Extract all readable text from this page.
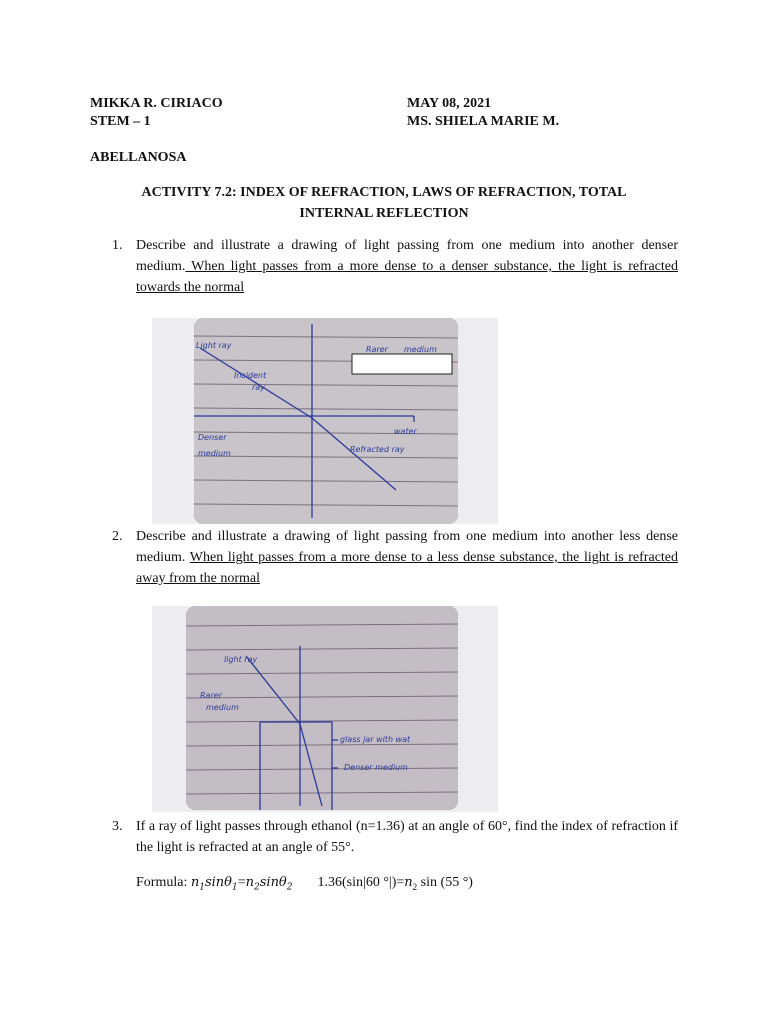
MIKKA R. CIRIACO
STEM – 1
MAY 08, 2021
MS. SHIELA MARIE M.
ABELLANOSA
ACTIVITY 7.2: INDEX OF REFRACTION, LAWS OF REFRACTION, TOTAL
INTERNAL REFLECTION
1. Describe and illustrate a drawing of light passing from one medium into another denser medium. When light passes from a more dense to a denser substance, the light is refracted towards the normal
Light ray
Incident
ray
Rarer medium
Denser
medium
water
Refracted ray
2. Describe and illustrate a drawing of light passing from one medium into another less dense medium. When light passes from a more dense to a less dense substance, the light is refracted away from the normal
light ray
Rarer
medium
glass jar with wat
Denser medium
3. If a ray of light passes through ethanol (n=1.36) at an angle of 60°, find the index of refraction if the light is refracted at an angle of 55°.
Formula: $n_1\sin\theta_1=n_2\sin\theta_2$ 1.36(sin|60 $^\circ|)=n_2$ sin (55 °)
